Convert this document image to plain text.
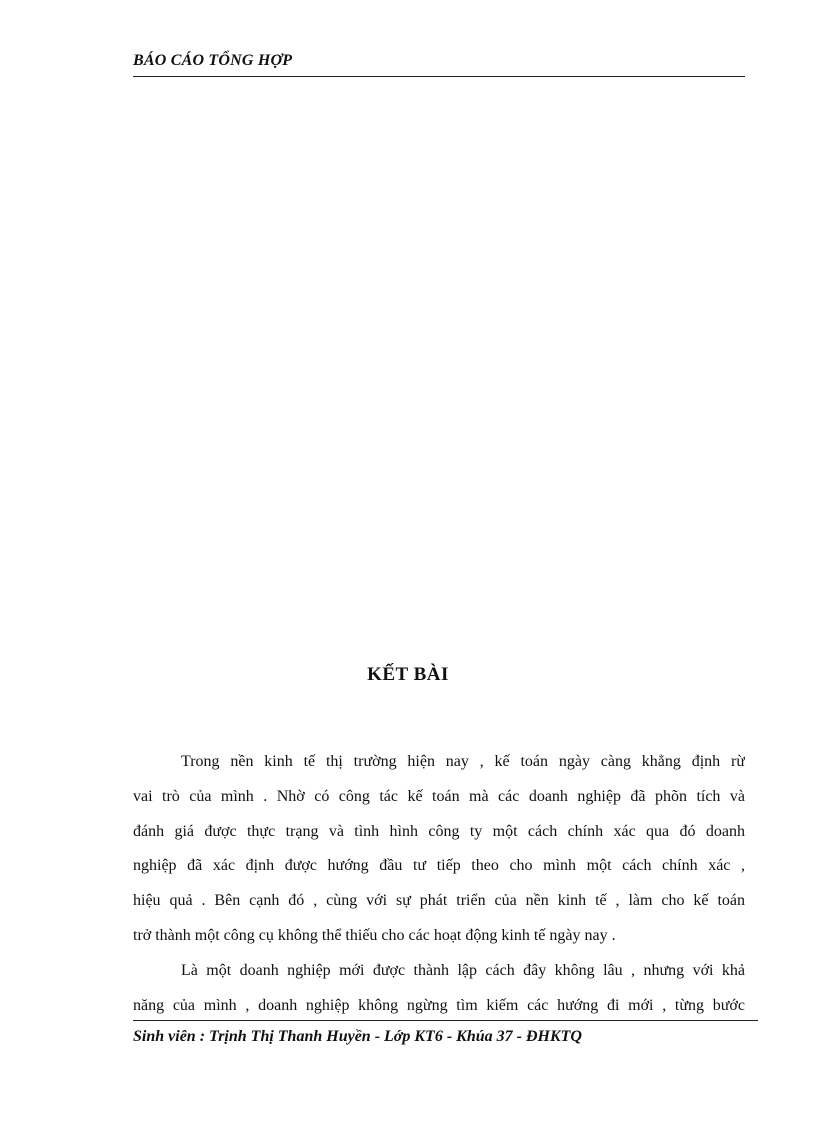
BÁO CÁO TỔNG HỢP
KẾT BÀI
Trong nền kinh tế thị trường hiện nay , kế toán ngày càng khẳng định rừ
vai trò của mình . Nhờ có công tác kế toán mà các doanh nghiệp đã phõn tích và
đánh giá được thực trạng và tình hình công ty một cách chính xác qua đó doanh
nghiệp đã xác định được hướng đầu tư tiếp theo cho mình một cách chính xác ,
hiệu quả . Bên cạnh đó , cùng với sự phát triển của nền kinh tế , làm cho kế toán
trở thành một công cụ không thể thiếu cho các hoạt động kinh tế ngày nay .
Là một doanh nghiệp mới được thành lập cách đây không lâu , nhưng với khả
năng của mình , doanh nghiệp không ngừng tìm kiếm các hướng đi mới , từng bước
Sinh viên : Trịnh Thị Thanh Huyền - Lớp KT6 - Khúa 37 - ĐHKTQ
